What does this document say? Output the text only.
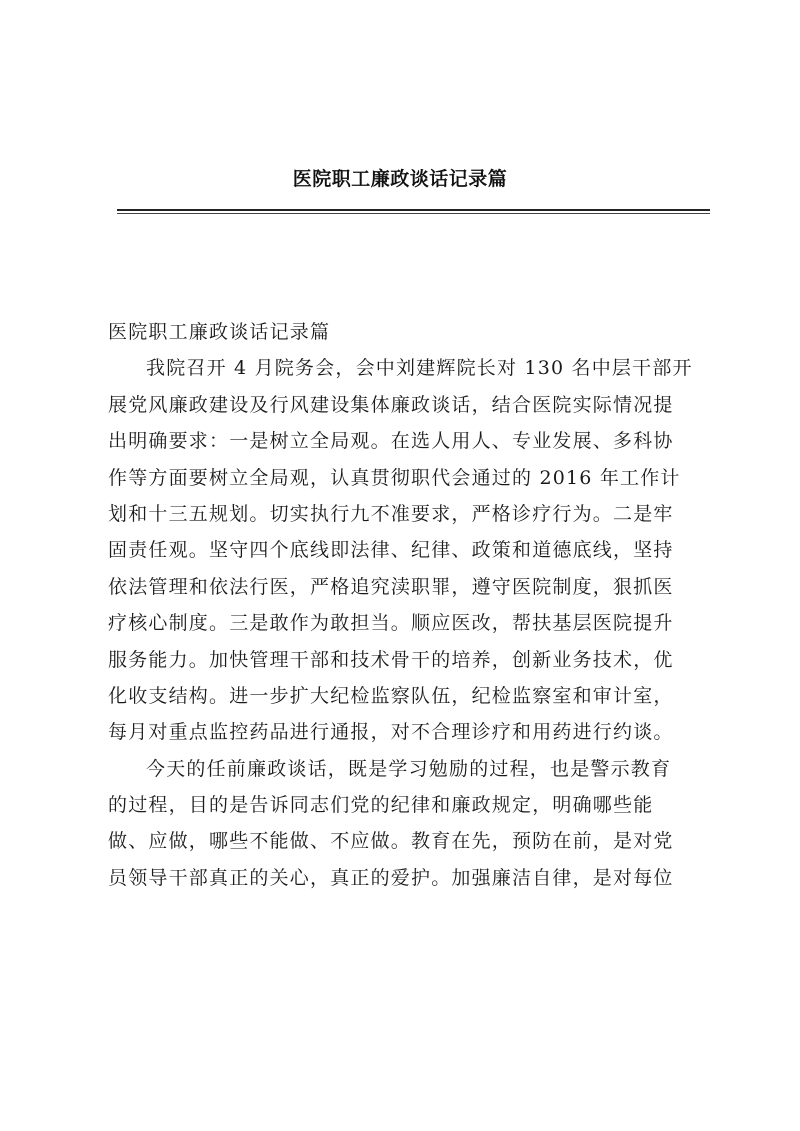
医院职工廉政谈话记录篇
医院职工廉政谈话记录篇
我院召开 4 月院务会，会中刘建辉院长对 130 名中层干部开
展党风廉政建设及行风建设集体廉政谈话，结合医院实际情况提
出明确要求：一是树立全局观。在选人用人、专业发展、多科协
作等方面要树立全局观，认真贯彻职代会通过的 2016 年工作计
划和十三五规划。切实执行九不准要求，严格诊疗行为。二是牢
固责任观。坚守四个底线即法律、纪律、政策和道德底线，坚持
依法管理和依法行医，严格追究渎职罪，遵守医院制度，狠抓医
疗核心制度。三是敢作为敢担当。顺应医改，帮扶基层医院提升
服务能力。加快管理干部和技术骨干的培养，创新业务技术，优
化收支结构。进一步扩大纪检监察队伍，纪检监察室和审计室，
每月对重点监控药品进行通报，对不合理诊疗和用药进行约谈。
今天的任前廉政谈话，既是学习勉励的过程，也是警示教育
的过程，目的是告诉同志们党的纪律和廉政规定，明确哪些能
做、应做，哪些不能做、不应做。教育在先，预防在前，是对党
员领导干部真正的关心，真正的爱护。加强廉洁自律，是对每位
